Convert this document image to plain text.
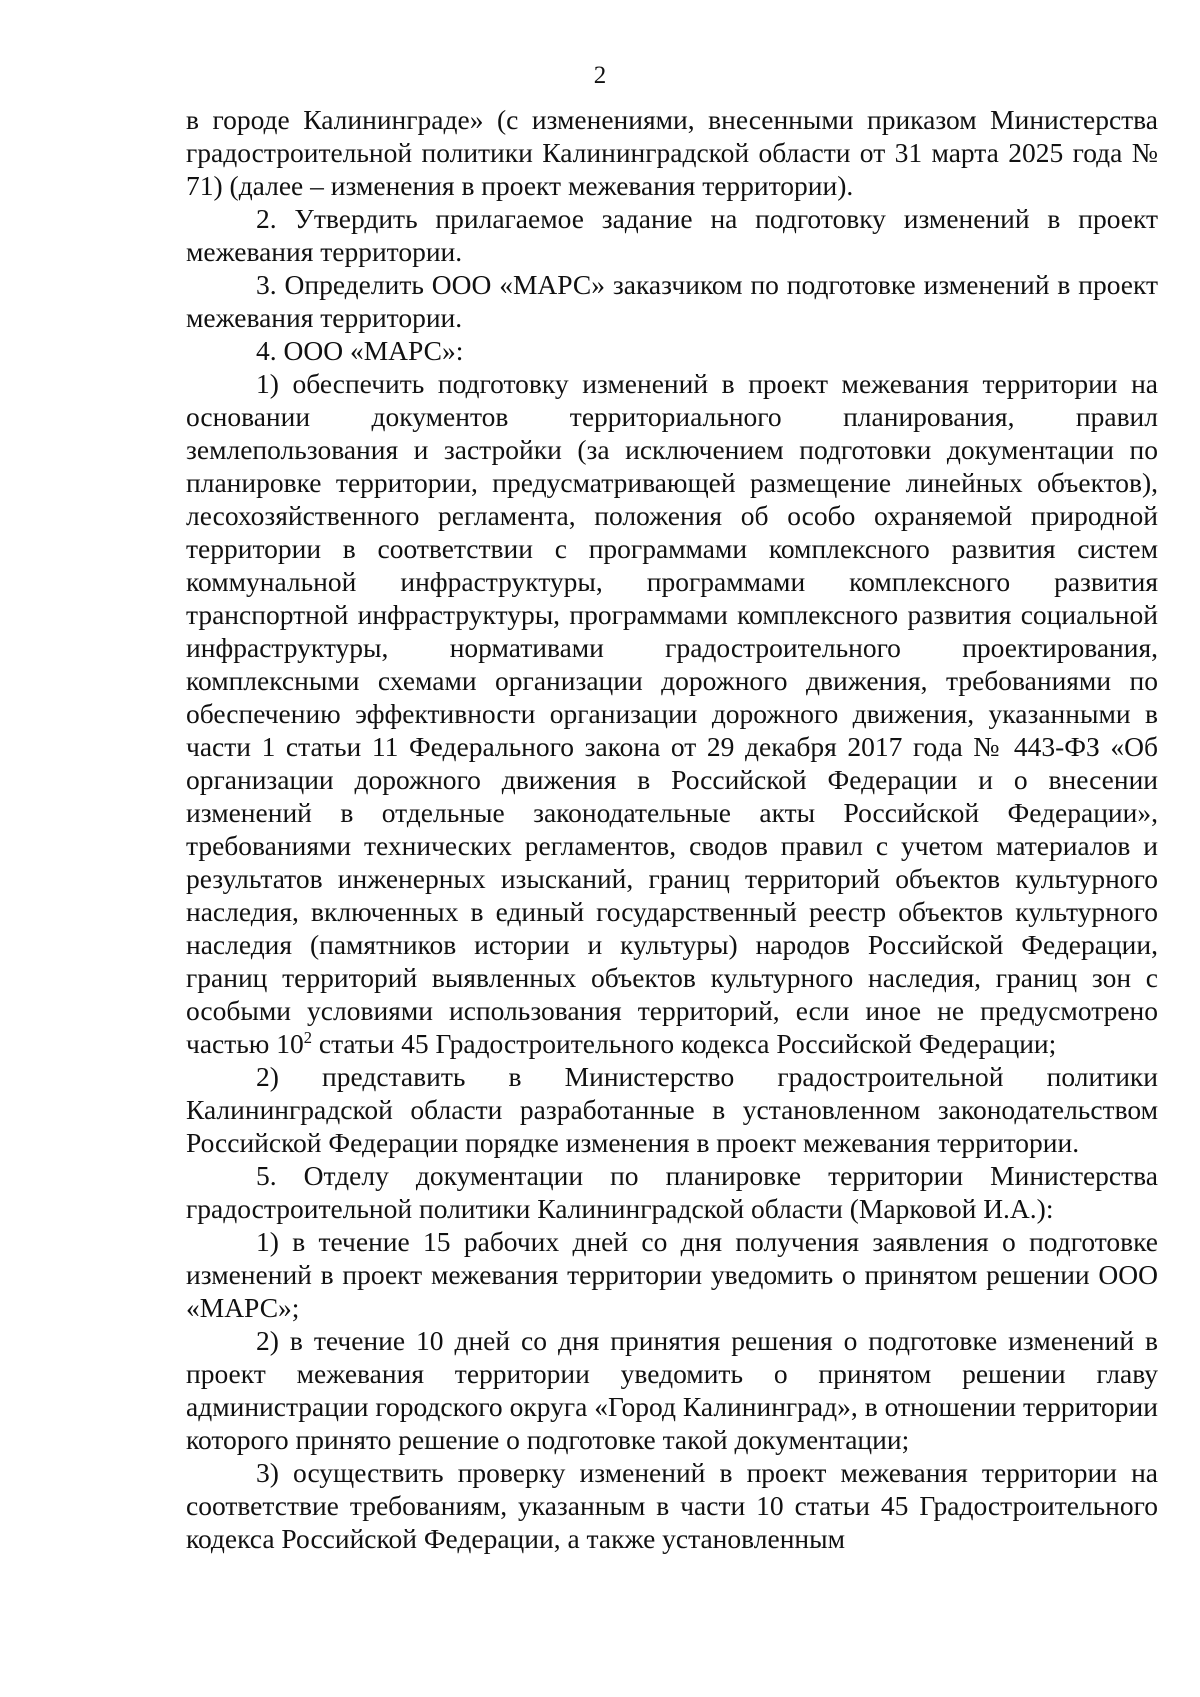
2

в городе Калининграде» (с изменениями, внесенными приказом Министерства градостроительной политики Калининградской области от 31 марта 2025 года № 71) (далее – изменения в проект межевания территории).

2. Утвердить прилагаемое задание на подготовку изменений в проект межевания территории.

3. Определить ООО «МАРС» заказчиком по подготовке изменений в проект межевания территории.

4. ООО «МАРС»:

1) обеспечить подготовку изменений в проект межевания территории на основании документов территориального планирования, правил землепользования и застройки (за исключением подготовки документации по планировке территории, предусматривающей размещение линейных объектов), лесохозяйственного регламента, положения об особо охраняемой природной территории в соответствии с программами комплексного развития систем коммунальной инфраструктуры, программами комплексного развития транспортной инфраструктуры, программами комплексного развития социальной инфраструктуры, нормативами градостроительного проектирования, комплексными схемами организации дорожного движения, требованиями по обеспечению эффективности организации дорожного движения, указанными в части 1 статьи 11 Федерального закона от 29 декабря 2017 года № 443-ФЗ «Об организации дорожного движения в Российской Федерации и о внесении изменений в отдельные законодательные акты Российской Федерации», требованиями технических регламентов, сводов правил с учетом материалов и результатов инженерных изысканий, границ территорий объектов культурного наследия, включенных в единый государственный реестр объектов культурного наследия (памятников истории и культуры) народов Российской Федерации, границ территорий выявленных объектов культурного наследия, границ зон с особыми условиями использования территорий, если иное не предусмотрено частью $10^2$ статьи 45 Градостроительного кодекса Российской Федерации;

2) представить в Министерство градостроительной политики Калининградской области разработанные в установленном законодательством Российской Федерации порядке изменения в проект межевания территории.

5. Отделу документации по планировке территории Министерства градостроительной политики Калининградской области (Марковой И.А.):

1) в течение 15 рабочих дней со дня получения заявления о подготовке изменений в проект межевания территории уведомить о принятом решении ООО «МАРС»;

2) в течение 10 дней со дня принятия решения о подготовке изменений в проект межевания территории уведомить о принятом решении главу администрации городского округа «Город Калининград», в отношении территории которого принято решение о подготовке такой документации;

3) осуществить проверку изменений в проект межевания территории на соответствие требованиям, указанным в части 10 статьи 45 Градостроительного кодекса Российской Федерации, а также установленным
